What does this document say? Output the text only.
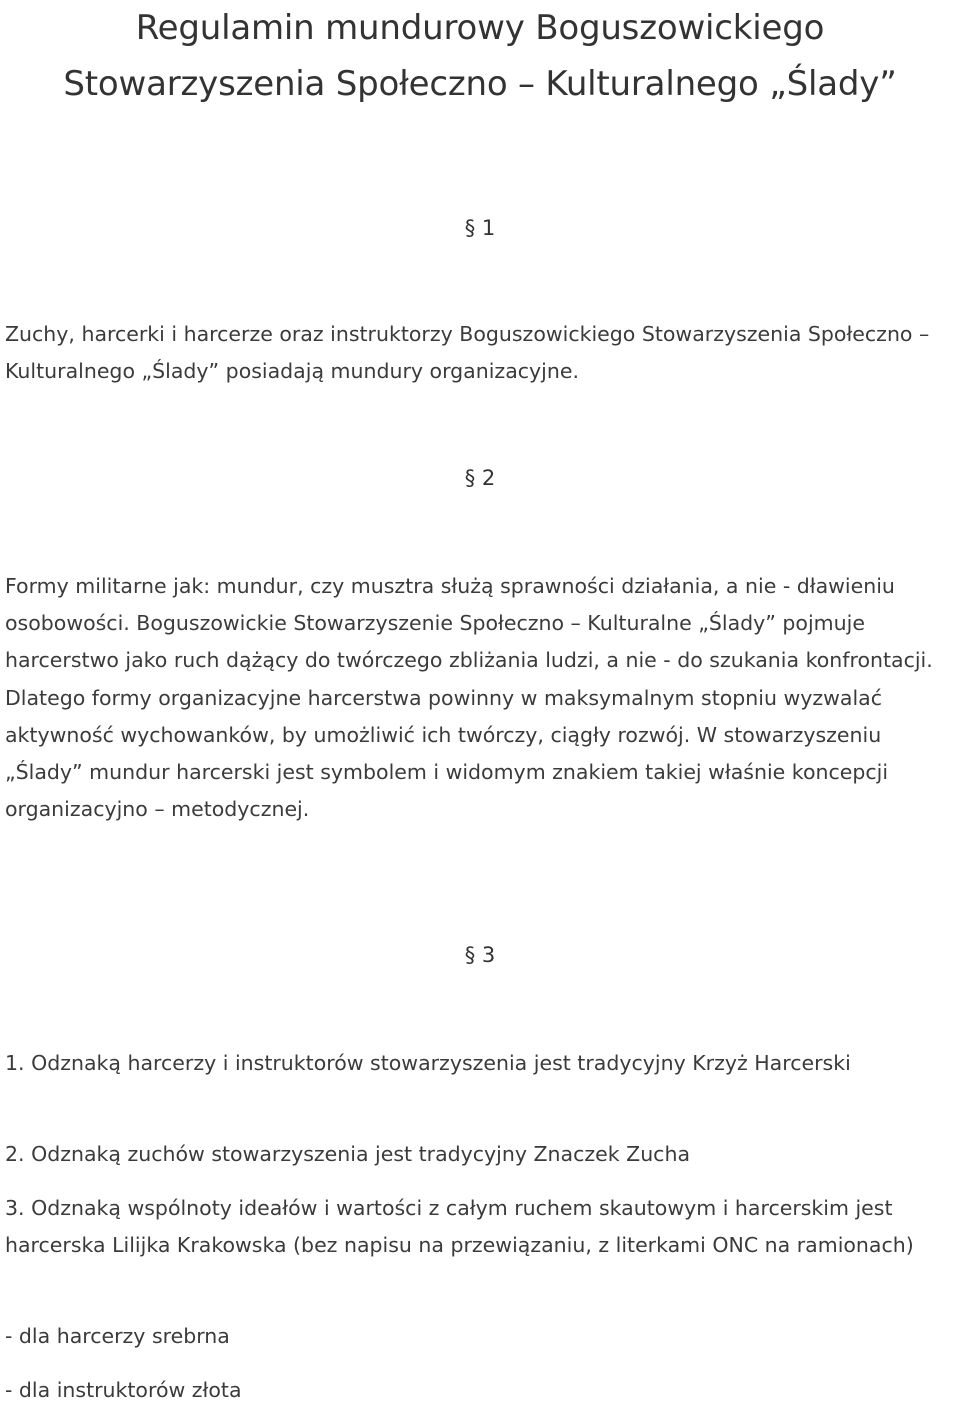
Regulamin mundurowy Boguszowickiego Stowarzyszenia Społeczno – Kulturalnego „Ślady”
§ 1

Zuchy, harcerki i harcerze oraz instruktorzy Boguszowickiego Stowarzyszenia Społeczno – Kulturalnego „Ślady” posiadają mundury organizacyjne.

§ 2

Formy militarne jak: mundur, czy musztra służą sprawności działania, a nie - dławieniu osobowości. Boguszowickie Stowarzyszenie Społeczno – Kulturalne „Ślady” pojmuje harcerstwo jako ruch dążący do twórczego zbliżania ludzi, a nie - do szukania konfrontacji. Dlatego formy organizacyjne harcerstwa powinny w maksymalnym stopniu wyzwalać aktywność wychowanków, by umożliwić ich twórczy, ciągły rozwój. W stowarzyszeniu „Ślady” mundur harcerski jest symbolem i widomym znakiem takiej właśnie koncepcji organizacyjno – metodycznej.

§ 3

1. Odznaką harcerzy i instruktorów stowarzyszenia jest tradycyjny Krzyż Harcerski

2. Odznaką zuchów stowarzyszenia jest tradycyjny Znaczek Zucha

3. Odznaką wspólnoty ideałów i wartości z całym ruchem skautowym i harcerskim jest harcerska Lilijka Krakowska (bez napisu na przewiązaniu, z literkami ONC na ramionach)

- dla harcerzy srebrna

- dla instruktorów złota
